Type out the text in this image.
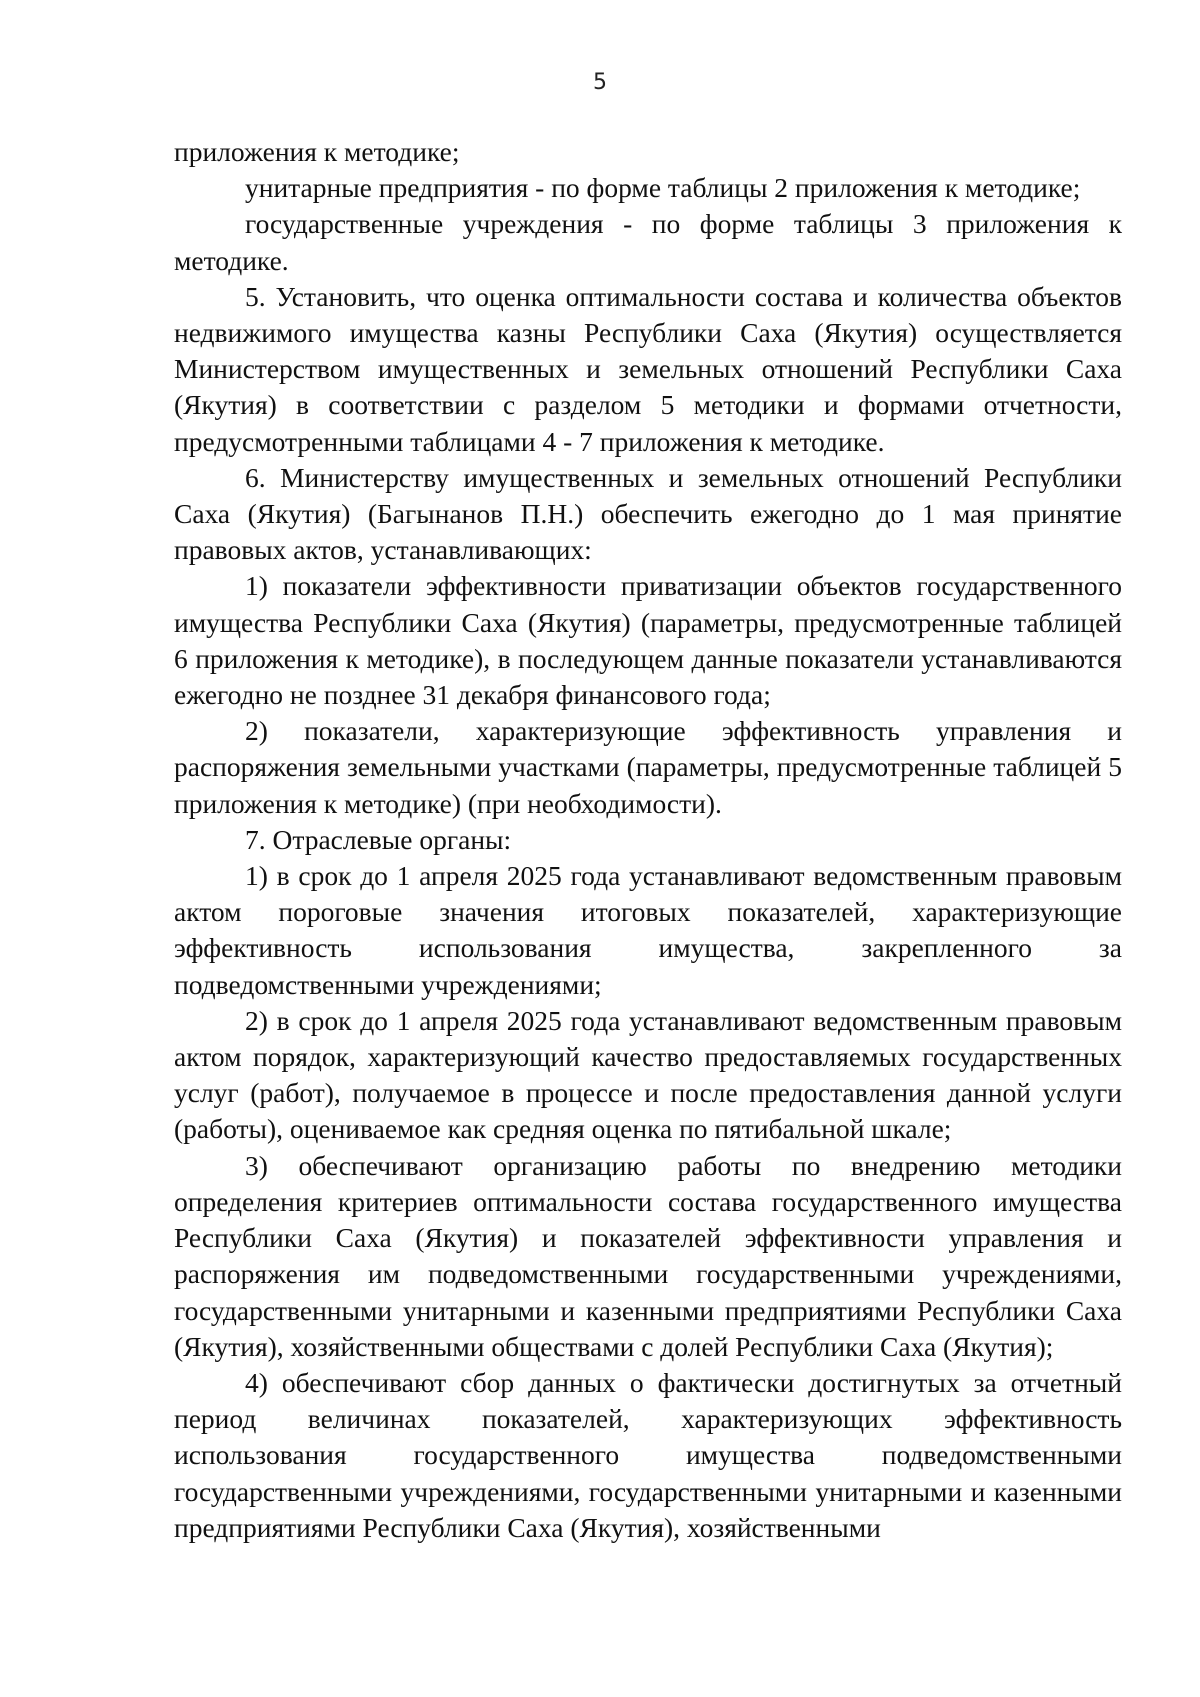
5

приложения к методике;

унитарные предприятия - по форме таблицы 2 приложения к методике;

государственные учреждения - по форме таблицы 3 приложения к методике.

5. Установить, что оценка оптимальности состава и количества объектов недвижимого имущества казны Республики Саха (Якутия) осуществляется Министерством имущественных и земельных отношений Республики Саха (Якутия) в соответствии с разделом 5 методики и формами отчетности, предусмотренными таблицами 4 - 7 приложения к методике.

6. Министерству имущественных и земельных отношений Республики Саха (Якутия) (Багынанов П.Н.) обеспечить ежегодно до 1 мая принятие правовых актов, устанавливающих:

1) показатели эффективности приватизации объектов государственного имущества Республики Саха (Якутия) (параметры, предусмотренные таблицей 6 приложения к методике), в последующем данные показатели устанавливаются ежегодно не позднее 31 декабря финансового года;

2) показатели, характеризующие эффективность управления и распоряжения земельными участками (параметры, предусмотренные таблицей 5 приложения к методике) (при необходимости).

7. Отраслевые органы:

1) в срок до 1 апреля 2025 года устанавливают ведомственным правовым актом пороговые значения итоговых показателей, характеризующие эффективность использования имущества, закрепленного за подведомственными учреждениями;

2) в срок до 1 апреля 2025 года устанавливают ведомственным правовым актом порядок, характеризующий качество предоставляемых государственных услуг (работ), получаемое в процессе и после предоставления данной услуги (работы), оцениваемое как средняя оценка по пятибальной шкале;

3) обеспечивают организацию работы по внедрению методики определения критериев оптимальности состава государственного имущества Республики Саха (Якутия) и показателей эффективности управления и распоряжения им подведомственными государственными учреждениями, государственными унитарными и казенными предприятиями Республики Саха (Якутия), хозяйственными обществами с долей Республики Саха (Якутия);

4) обеспечивают сбор данных о фактически достигнутых за отчетный период величинах показателей, характеризующих эффективность использования государственного имущества подведомственными государственными учреждениями, государственными унитарными и казенными предприятиями Республики Саха (Якутия), хозяйственными
